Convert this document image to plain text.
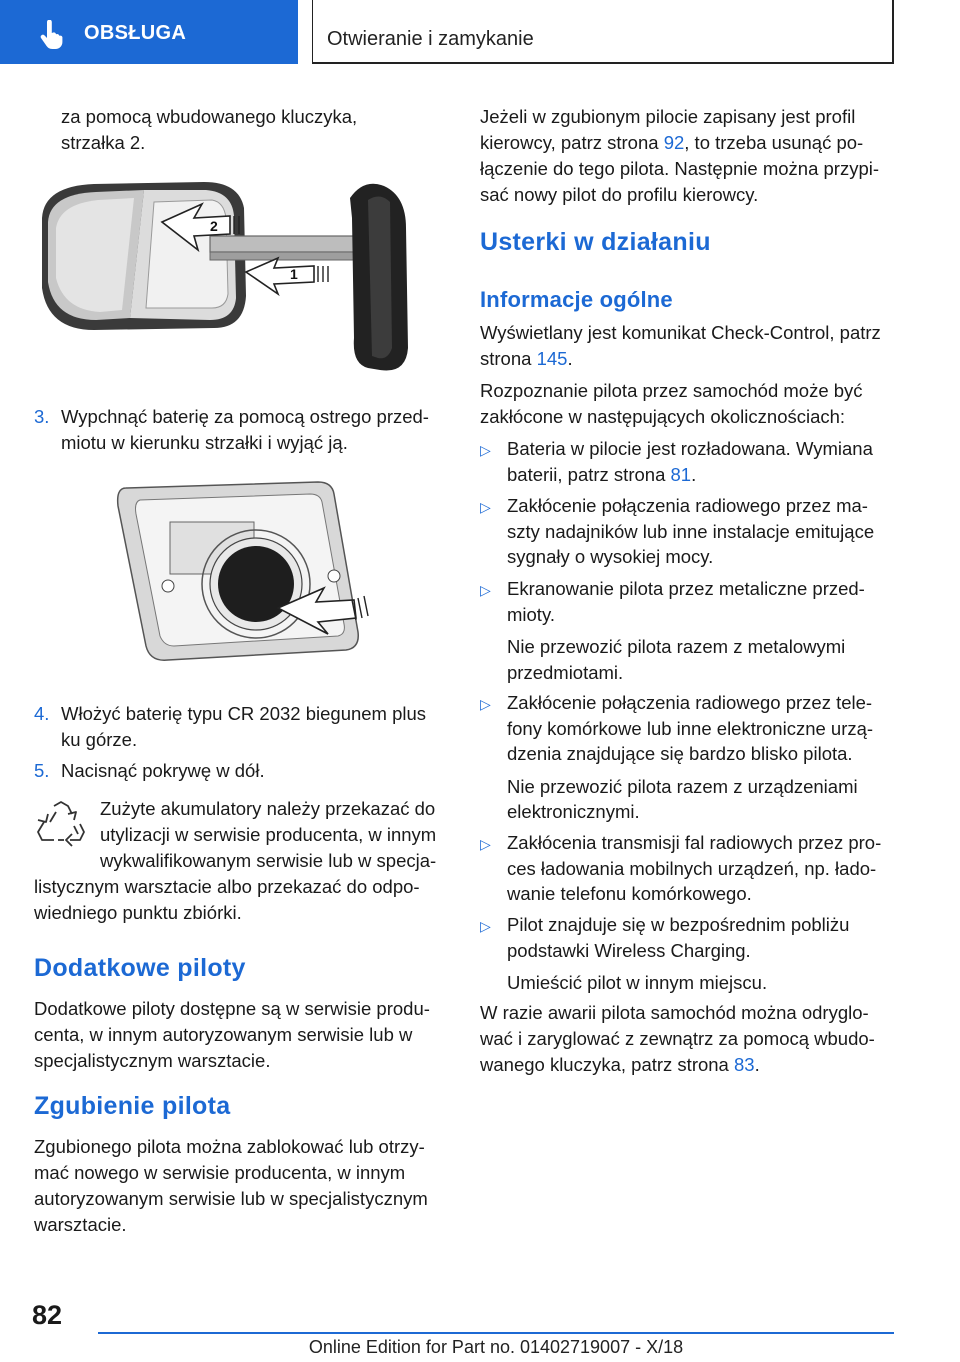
OBSŁUGA	Otwieranie i zamykanie

za pomocą wbudowanego kluczyka,

strzałka 2.

2
1
3. Wypchnąć baterię za pomocą ostrego przed-

miotu w kierunku strzałki i wyjąć ją.

4. Włożyć baterię typu CR 2032 biegunem plus

ku górze.

5. Nacisnąć pokrywę w dół.

Zużyte akumulatory należy przekazać do

utylizacji w serwisie producenta, w innym

wykwalifikowanym serwisie lub w specja-

listycznym warsztacie albo przekazać do odpo-

wiedniego punktu zbiórki.

Dodatkowe piloty

Dodatkowe piloty dostępne są w serwisie produ-

centa, w innym autoryzowanym serwisie lub w

specjalistycznym warsztacie.

Zgubienie pilota

Zgubionego pilota można zablokować lub otrzy-

mać nowego w serwisie producenta, w innym

autoryzowanym serwisie lub w specjalistycznym

warsztacie.

Jeżeli w zgubionym pilocie zapisany jest profil

kierowcy, patrz strona 92, to trzeba usunąć po-

łączenie do tego pilota. Następnie można przypi-

sać nowy pilot do profilu kierowcy.

Usterki w działaniu
Informacje ogólne

Wyświetlany jest komunikat Check-Control, patrz

strona 145.

Rozpoznanie pilota przez samochód może być

zakłócone w następujących okolicznościach:

▷ Bateria w pilocie jest rozładowana. Wymiana

baterii, patrz strona 81.

▷ Zakłócenie połączenia radiowego przez ma-

szty nadajników lub inne instalacje emitujące

sygnały o wysokiej mocy.

▷ Ekranowanie pilota przez metaliczne przed-

mioty.

Nie przewozić pilota razem z metalowymi

przedmiotami.

▷ Zakłócenie połączenia radiowego przez tele-

fony komórkowe lub inne elektroniczne urzą-

dzenia znajdujące się bardzo blisko pilota.

Nie przewozić pilota razem z urządzeniami

elektronicznymi.

▷ Zakłócenia transmisji fal radiowych przez pro-

ces ładowania mobilnych urządzeń, np. łado-

wanie telefonu komórkowego.

▷ Pilot znajduje się w bezpośrednim pobliżu

podstawki Wireless Charging.

Umieścić pilot w innym miejscu.

W razie awarii pilota samochód można odryglo-

wać i zaryglować z zewnątrz za pomocą wbudo-

wanego kluczyka, patrz strona 83.

82
Online Edition for Part no. 01402719007 - X/18
